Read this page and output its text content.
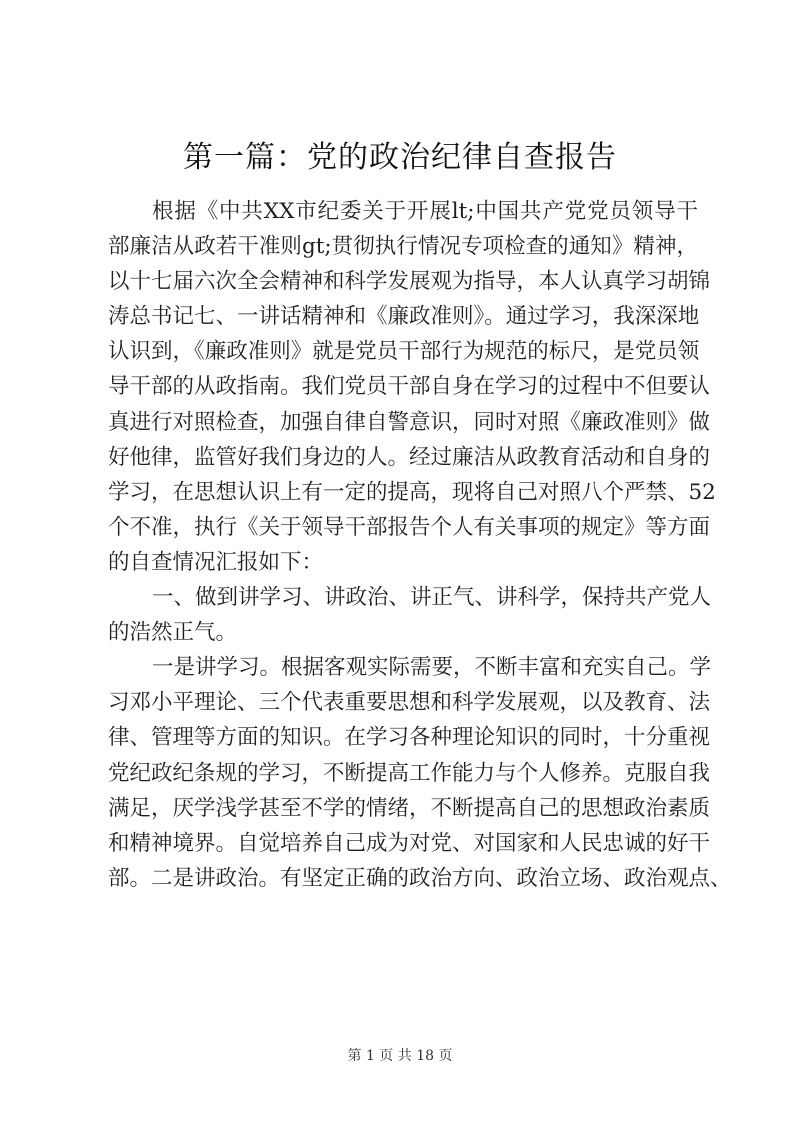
第一篇：党的政治纪律自查报告
根据《中共XX市纪委关于开展lt;中国共产党党员领导干
部廉洁从政若干准则gt;贯彻执行情况专项检查的通知》精神，
以十七届六次全会精神和科学发展观为指导，本人认真学习胡锦
涛总书记七、一讲话精神和《廉政准则》。通过学习，我深深地
认识到，《廉政准则》就是党员干部行为规范的标尺，是党员领
导干部的从政指南。我们党员干部自身在学习的过程中不但要认
真进行对照检查，加强自律自警意识，同时对照《廉政准则》做
好他律，监管好我们身边的人。经过廉洁从政教育活动和自身的
学习，在思想认识上有一定的提高，现将自己对照八个严禁、52
个不准，执行《关于领导干部报告个人有关事项的规定》等方面
的自查情况汇报如下：
一、做到讲学习、讲政治、讲正气、讲科学，保持共产党人
的浩然正气。
一是讲学习。根据客观实际需要，不断丰富和充实自己。学
习邓小平理论、三个代表重要思想和科学发展观，以及教育、法
律、管理等方面的知识。在学习各种理论知识的同时，十分重视
党纪政纪条规的学习，不断提高工作能力与个人修养。克服自我
满足，厌学浅学甚至不学的情绪，不断提高自己的思想政治素质
和精神境界。自觉培养自己成为对党、对国家和人民忠诚的好干
部。二是讲政治。有坚定正确的政治方向、政治立场、政治观点、
第 1 页 共 18 页
